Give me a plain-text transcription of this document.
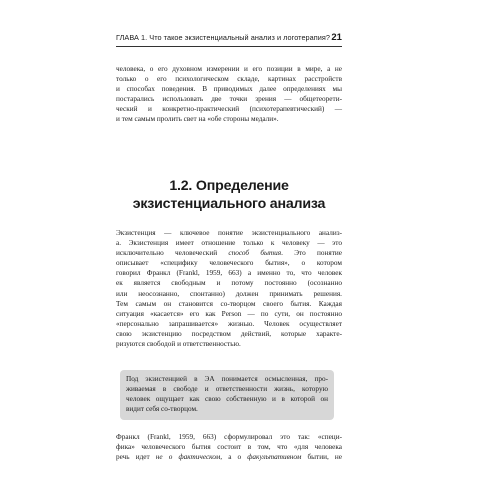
ГЛАВА 1. Что такое экзистенциальный анализ и логотерапия? 21
человека, о его духовном измерении и его позиции в мире, а не
только о его психологическом складе, картинах расстройств
и способах поведения. В приводимых далее определениях мы
постарались использовать две точки зрения — общетеорети-
ческий и конкретно-практический (психотерапевтический) —
и тем самым пролить свет на «обе стороны медали».
1.2. Определение
экзистенциального анализа
Экзистенция — ключевое понятие экзистенциального анализ-
а. Экзистенция имеет отношение только к человеку — это
исключительно человеческий способ бытия. Это понятие
описывает «специфику человеческого бытия», о котором
говорил Франкл (Frankl, 1959, 663) а именно то, что человек
ек является свободным и потому постоянно (осознанно
или неосознанно, спонтанно) должен принимать решения.
Тем самым он становится со-творцом своего бытия. Каждая
ситуация «касается» его как Person — по сути, он постоянно
«персонально запрашивается» жизнью. Человек осуществляет
свою экзистенцию посредством действий, которые характе-
ризуются свободой и ответственностью.
Под экзистенцией в ЭА понимается осмысленная, про-
живаемая в свободе и ответственности жизнь, которую
человек ощущает как свою собственную и в которой он
видит себя со-творцом.
Франкл (Frankl, 1959, 663) сформулировал это так: «специ-
фика» человеческого бытия состоит в том, что «для человека
речь идет не о фактическом, а о факультативном бытии, не
